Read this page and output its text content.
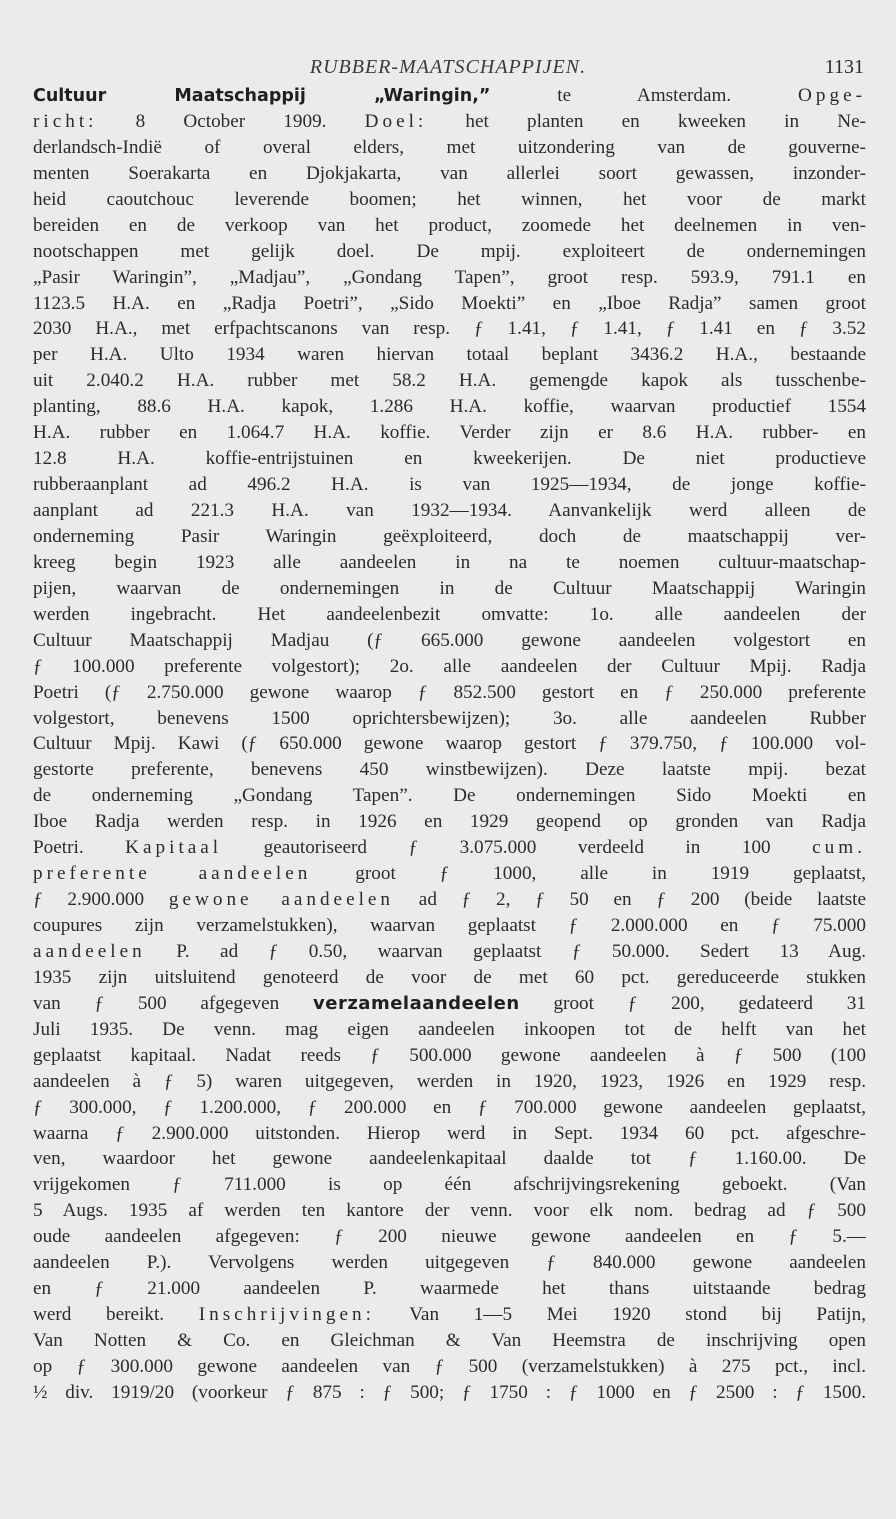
RUBBER-MAATSCHAPPIJEN.	1131
Cultuur Maatschappij „Waringin,” te Amsterdam. Opge-
richt: 8 October 1909. Doel: het planten en kweeken in Ne-
derlandsch-Indië of overal elders, met uitzondering van de gouverne-
menten Soerakarta en Djokjakarta, van allerlei soort gewassen, inzonder-
heid caoutchouc leverende boomen; het winnen, het voor de markt
bereiden en de verkoop van het product, zoomede het deelnemen in ven-
nootschappen met gelijk doel. De mpij. exploiteert de ondernemingen
„Pasir Waringin”, „Madjau”, „Gondang Tapen”, groot resp. 593.9, 791.1 en
1123.5 H.A. en „Radja Poetri”, „Sido Moekti” en „Iboe Radja” samen groot
2030 H.A., met erfpachtscanons van resp. ƒ 1.41, ƒ 1.41, ƒ 1.41 en ƒ 3.52
per H.A. Ulto 1934 waren hiervan totaal beplant 3436.2 H.A., bestaande
uit 2.040.2 H.A. rubber met 58.2 H.A. gemengde kapok als tusschenbe-
planting, 88.6 H.A. kapok, 1.286 H.A. koffie, waarvan productief 1554
H.A. rubber en 1.064.7 H.A. koffie. Verder zijn er 8.6 H.A. rubber- en
12.8 H.A. koffie-entrijstuinen en kweekerijen. De niet productieve
rubberaanplant ad 496.2 H.A. is van 1925—1934, de jonge koffie-
aanplant ad 221.3 H.A. van 1932—1934. Aanvankelijk werd alleen de
onderneming Pasir Waringin geëxploiteerd, doch de maatschappij ver-
kreeg begin 1923 alle aandeelen in na te noemen cultuur-maatschap-
pijen, waarvan de ondernemingen in de Cultuur Maatschappij Waringin
werden ingebracht. Het aandeelenbezit omvatte: 1o. alle aandeelen der
Cultuur Maatschappij Madjau (ƒ 665.000 gewone aandeelen volgestort en
ƒ 100.000 preferente volgestort); 2o. alle aandeelen der Cultuur Mpij. Radja
Poetri (ƒ 2.750.000 gewone waarop ƒ 852.500 gestort en ƒ 250.000 preferente
volgestort, benevens 1500 oprichtersbewijzen); 3o. alle aandeelen Rubber
Cultuur Mpij. Kawi (ƒ 650.000 gewone waarop gestort ƒ 379.750, ƒ 100.000 vol-
gestorte preferente, benevens 450 winstbewijzen). Deze laatste mpij. bezat
de onderneming „Gondang Tapen”. De ondernemingen Sido Moekti en
Iboe Radja werden resp. in 1926 en 1929 geopend op gronden van Radja
Poetri. Kapitaal geautoriseerd ƒ 3.075.000 verdeeld in 100 cum.
preferente aandeelen groot ƒ 1000, alle in 1919 geplaatst,
ƒ 2.900.000 gewone aandeelen ad ƒ 2, ƒ 50 en ƒ 200 (beide laatste
coupures zijn verzamelstukken), waarvan geplaatst ƒ 2.000.000 en ƒ 75.000
aandeelen P. ad ƒ 0.50, waarvan geplaatst ƒ 50.000. Sedert 13 Aug.
1935 zijn uitsluitend genoteerd de voor de met 60 pct. gereduceerde stukken
van ƒ 500 afgegeven verzamelaandeelen groot ƒ 200, gedateerd 31
Juli 1935. De venn. mag eigen aandeelen inkoopen tot de helft van het
geplaatst kapitaal. Nadat reeds ƒ 500.000 gewone aandeelen à ƒ 500 (100
aandeelen à ƒ 5) waren uitgegeven, werden in 1920, 1923, 1926 en 1929 resp.
ƒ 300.000, ƒ 1.200.000, ƒ 200.000 en ƒ 700.000 gewone aandeelen geplaatst,
waarna ƒ 2.900.000 uitstonden. Hierop werd in Sept. 1934 60 pct. afgeschre-
ven, waardoor het gewone aandeelenkapitaal daalde tot ƒ 1.160.00. De
vrijgekomen ƒ 711.000 is op één afschrijvingsrekening geboekt. (Van
5 Augs. 1935 af werden ten kantore der venn. voor elk nom. bedrag ad ƒ 500
oude aandeelen afgegeven: ƒ 200 nieuwe gewone aandeelen en ƒ 5.—
aandeelen P.). Vervolgens werden uitgegeven ƒ 840.000 gewone aandeelen
en ƒ 21.000 aandeelen P. waarmede het thans uitstaande bedrag
werd bereikt. Inschrijvingen: Van 1—5 Mei 1920 stond bij Patijn,
Van Notten & Co. en Gleichman & Van Heemstra de inschrijving open
op ƒ 300.000 gewone aandeelen van ƒ 500 (verzamelstukken) à 275 pct., incl.
½ div. 1919/20 (voorkeur ƒ 875 : ƒ 500; ƒ 1750 : ƒ 1000 en ƒ 2500 : ƒ 1500.
